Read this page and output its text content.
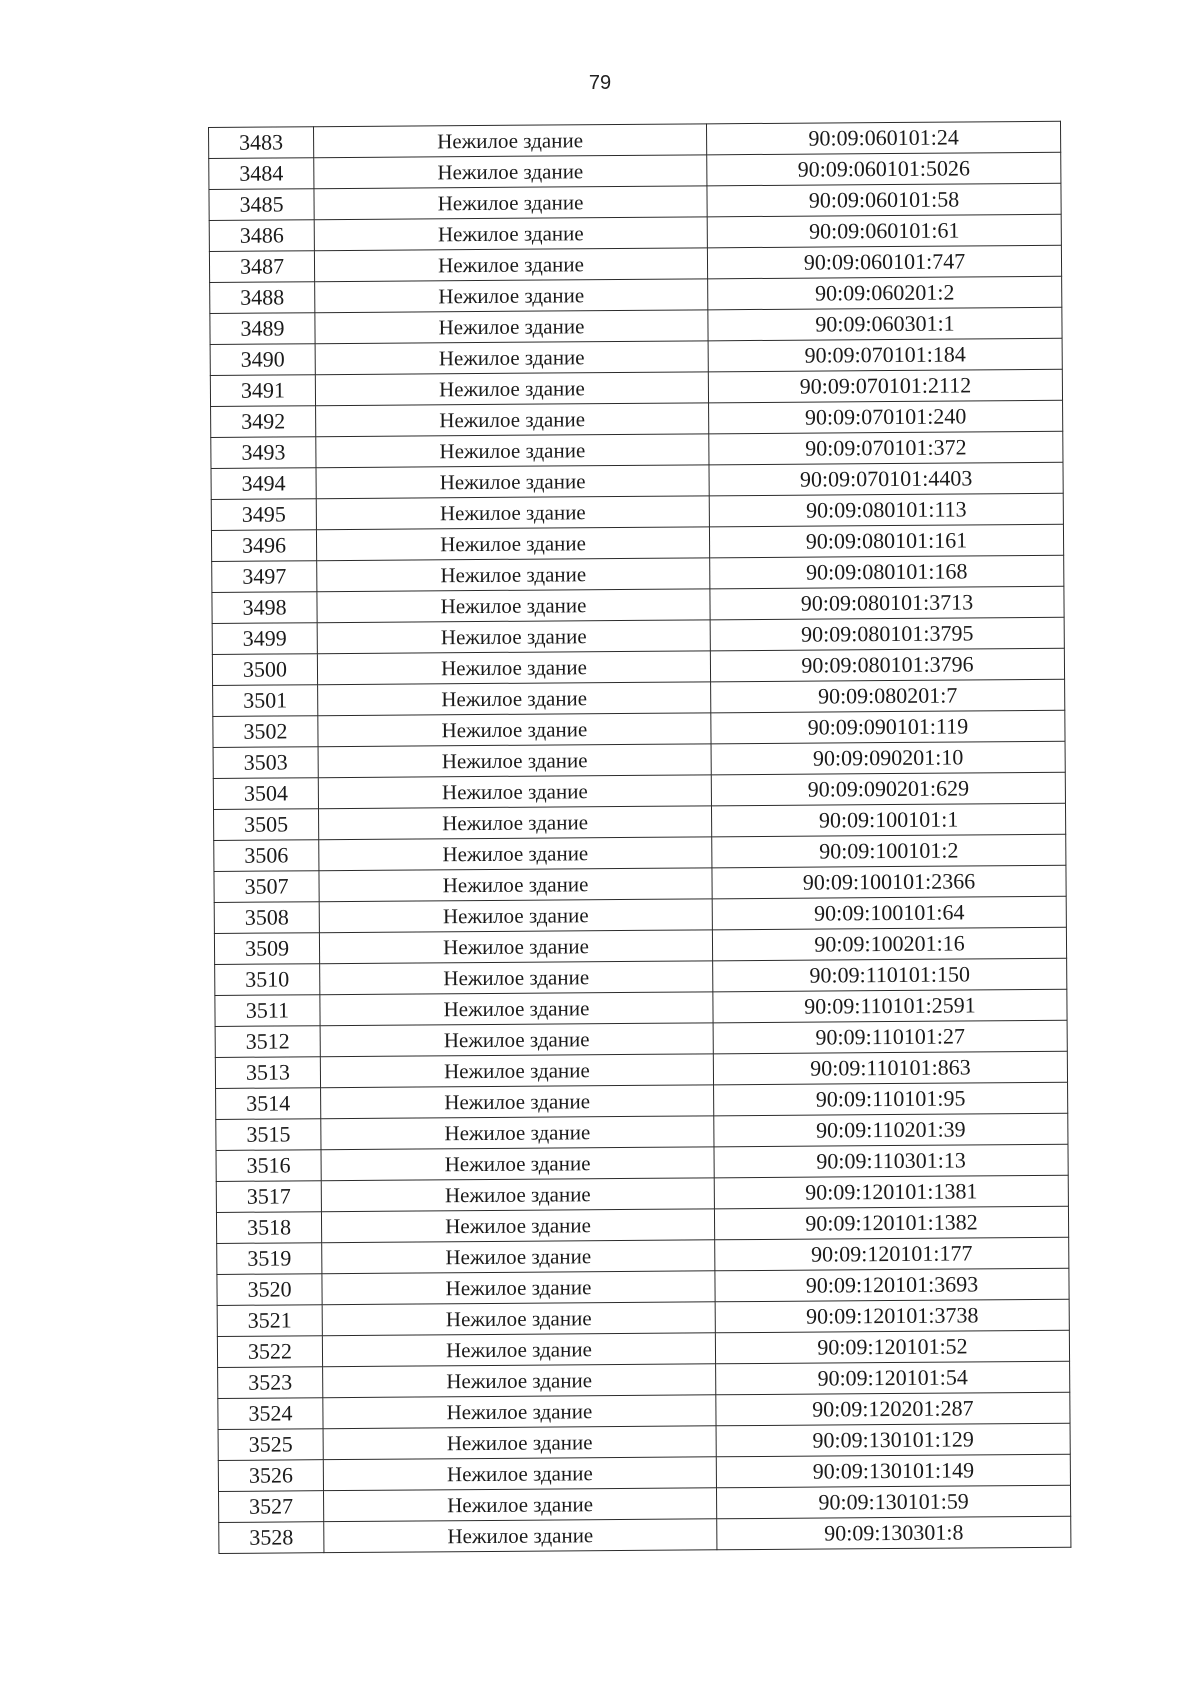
79
3483	Нежилое здание	90:09:060101:24
3484	Нежилое здание	90:09:060101:5026
3485	Нежилое здание	90:09:060101:58
3486	Нежилое здание	90:09:060101:61
3487	Нежилое здание	90:09:060101:747
3488	Нежилое здание	90:09:060201:2
3489	Нежилое здание	90:09:060301:1
3490	Нежилое здание	90:09:070101:184
3491	Нежилое здание	90:09:070101:2112
3492	Нежилое здание	90:09:070101:240
3493	Нежилое здание	90:09:070101:372
3494	Нежилое здание	90:09:070101:4403
3495	Нежилое здание	90:09:080101:113
3496	Нежилое здание	90:09:080101:161
3497	Нежилое здание	90:09:080101:168
3498	Нежилое здание	90:09:080101:3713
3499	Нежилое здание	90:09:080101:3795
3500	Нежилое здание	90:09:080101:3796
3501	Нежилое здание	90:09:080201:7
3502	Нежилое здание	90:09:090101:119
3503	Нежилое здание	90:09:090201:10
3504	Нежилое здание	90:09:090201:629
3505	Нежилое здание	90:09:100101:1
3506	Нежилое здание	90:09:100101:2
3507	Нежилое здание	90:09:100101:2366
3508	Нежилое здание	90:09:100101:64
3509	Нежилое здание	90:09:100201:16
3510	Нежилое здание	90:09:110101:150
3511	Нежилое здание	90:09:110101:2591
3512	Нежилое здание	90:09:110101:27
3513	Нежилое здание	90:09:110101:863
3514	Нежилое здание	90:09:110101:95
3515	Нежилое здание	90:09:110201:39
3516	Нежилое здание	90:09:110301:13
3517	Нежилое здание	90:09:120101:1381
3518	Нежилое здание	90:09:120101:1382
3519	Нежилое здание	90:09:120101:177
3520	Нежилое здание	90:09:120101:3693
3521	Нежилое здание	90:09:120101:3738
3522	Нежилое здание	90:09:120101:52
3523	Нежилое здание	90:09:120101:54
3524	Нежилое здание	90:09:120201:287
3525	Нежилое здание	90:09:130101:129
3526	Нежилое здание	90:09:130101:149
3527	Нежилое здание	90:09:130101:59
3528	Нежилое здание	90:09:130301:8
